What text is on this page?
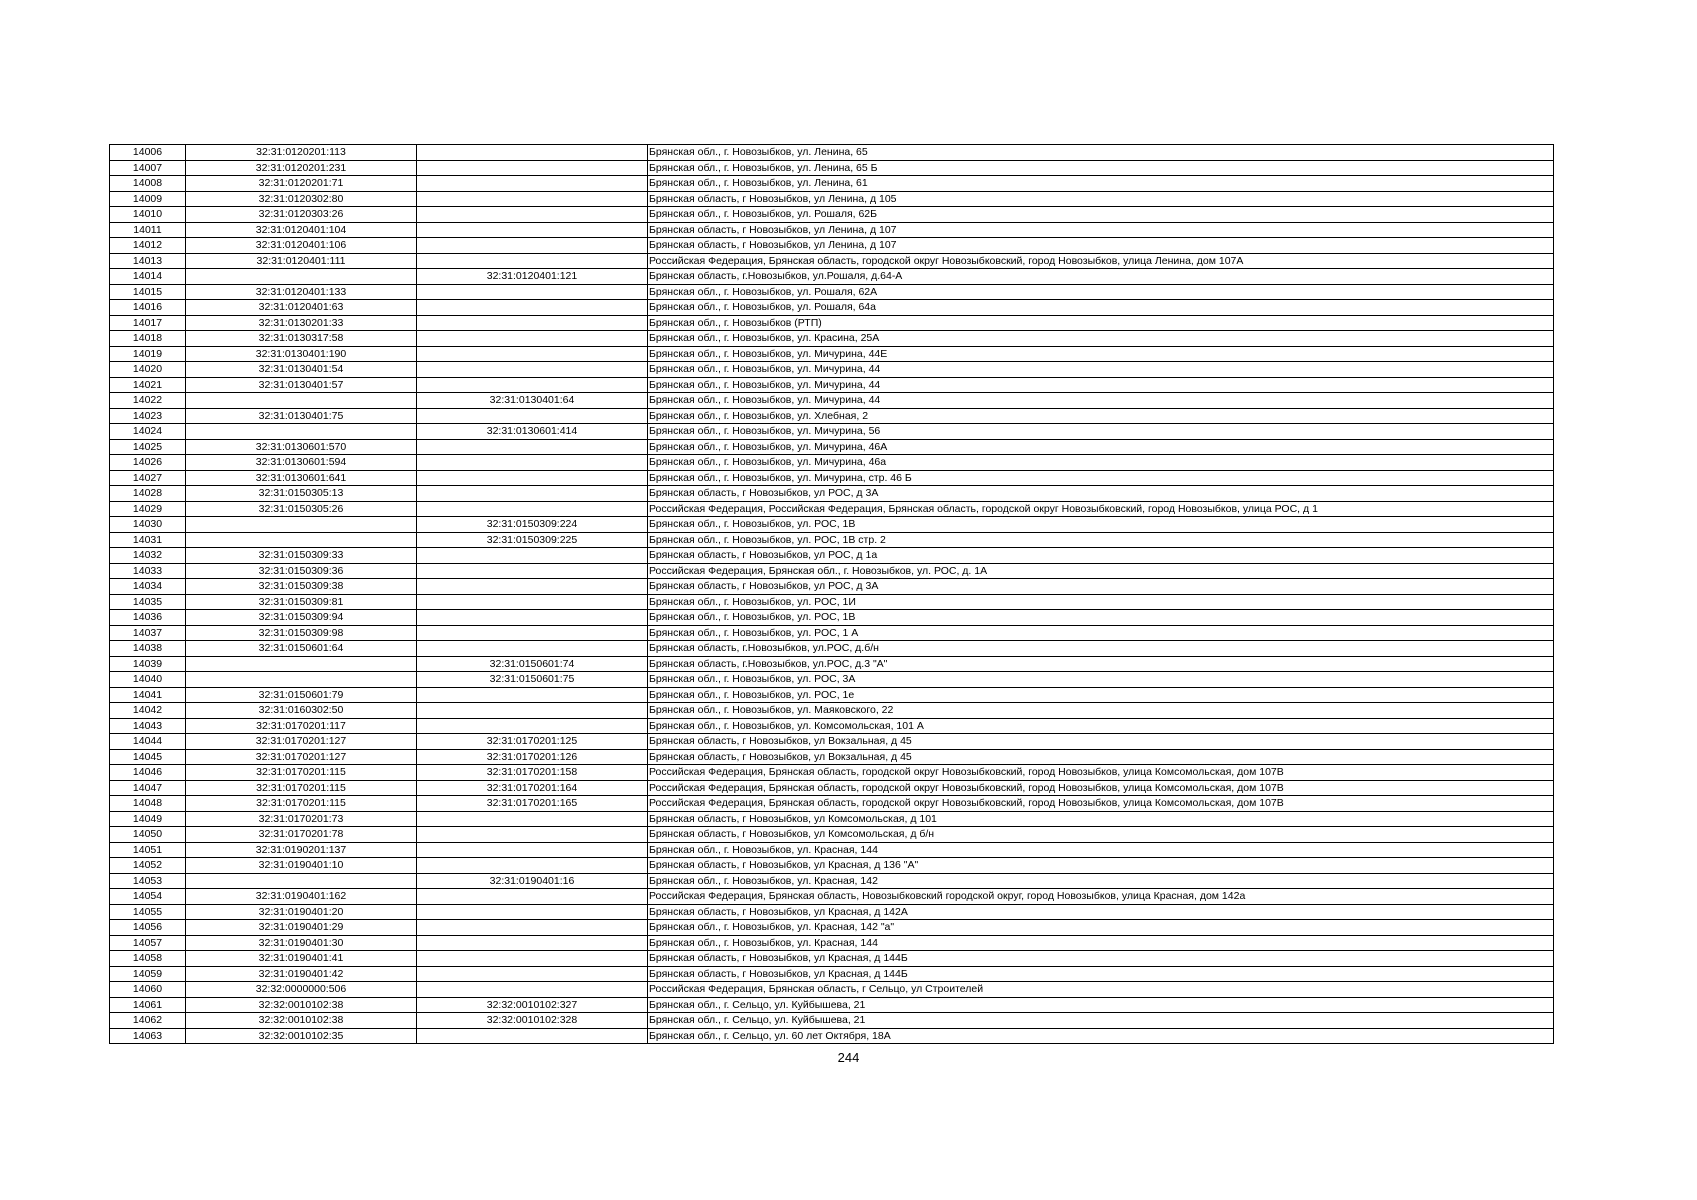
14006	32:31:0120201:113		Брянская обл., г. Новозыбков, ул. Ленина, 65
14007	32:31:0120201:231		Брянская обл., г. Новозыбков, ул. Ленина, 65 Б
14008	32:31:0120201:71		Брянская обл., г. Новозыбков, ул. Ленина, 61
14009	32:31:0120302:80		Брянская область, г Новозыбков, ул Ленина, д 105
14010	32:31:0120303:26		Брянская обл., г. Новозыбков, ул. Рошаля, 62Б
14011	32:31:0120401:104		Брянская область, г Новозыбков, ул Ленина, д 107
14012	32:31:0120401:106		Брянская область, г Новозыбков, ул Ленина, д 107
14013	32:31:0120401:111		Российская Федерация, Брянская область, городской округ Новозыбковский, город Новозыбков, улица Ленина, дом 107А
14014		32:31:0120401:121	Брянская область, г.Новозыбков, ул.Рошаля, д.64-А
14015	32:31:0120401:133		Брянская обл., г. Новозыбков, ул. Рошаля, 62А
14016	32:31:0120401:63		Брянская обл., г. Новозыбков, ул. Рошаля, 64а
14017	32:31:0130201:33		Брянская обл., г. Новозыбков (РТП)
14018	32:31:0130317:58		Брянская обл., г. Новозыбков, ул. Красина, 25А
14019	32:31:0130401:190		Брянская обл., г. Новозыбков, ул. Мичурина, 44Е
14020	32:31:0130401:54		Брянская обл., г. Новозыбков, ул. Мичурина, 44
14021	32:31:0130401:57		Брянская обл., г. Новозыбков, ул. Мичурина, 44
14022		32:31:0130401:64	Брянская обл., г. Новозыбков, ул. Мичурина, 44
14023	32:31:0130401:75		Брянская обл., г. Новозыбков, ул. Хлебная, 2
14024		32:31:0130601:414	Брянская обл., г. Новозыбков, ул. Мичурина, 56
14025	32:31:0130601:570		Брянская обл., г. Новозыбков, ул. Мичурина, 46А
14026	32:31:0130601:594		Брянская обл., г. Новозыбков, ул. Мичурина, 46а
14027	32:31:0130601:641		Брянская обл., г. Новозыбков, ул. Мичурина, стр. 46 Б
14028	32:31:0150305:13		Брянская область, г Новозыбков, ул РОС, д 3А
14029	32:31:0150305:26		Российская Федерация, Российская Федерация, Брянская область, городской округ Новозыбковский, город Новозыбков, улица РОС, д 1
14030		32:31:0150309:224	Брянская обл., г. Новозыбков, ул. РОС, 1В
14031		32:31:0150309:225	Брянская обл., г. Новозыбков, ул. РОС, 1В стр. 2
14032	32:31:0150309:33		Брянская область, г Новозыбков, ул РОС, д 1а
14033	32:31:0150309:36		Российская Федерация, Брянская обл., г. Новозыбков, ул. РОС, д. 1А
14034	32:31:0150309:38		Брянская область, г Новозыбков, ул РОС, д 3А
14035	32:31:0150309:81		Брянская обл., г. Новозыбков, ул. РОС, 1И
14036	32:31:0150309:94		Брянская обл., г. Новозыбков, ул. РОС, 1В
14037	32:31:0150309:98		Брянская обл., г. Новозыбков, ул. РОС, 1 А
14038	32:31:0150601:64		Брянская область, г.Новозыбков, ул.РОС, д.б/н
14039		32:31:0150601:74	Брянская область, г.Новозыбков, ул.РОС, д.3 "А"
14040		32:31:0150601:75	Брянская обл., г. Новозыбков, ул. РОС, 3А
14041	32:31:0150601:79		Брянская обл., г. Новозыбков, ул. РОС, 1е
14042	32:31:0160302:50		Брянская обл., г. Новозыбков, ул. Маяковского, 22
14043	32:31:0170201:117		Брянская обл., г. Новозыбков, ул. Комсомольская, 101 А
14044	32:31:0170201:127	32:31:0170201:125	Брянская область, г Новозыбков, ул Вокзальная, д 45
14045	32:31:0170201:127	32:31:0170201:126	Брянская область, г Новозыбков, ул Вокзальная, д 45
14046	32:31:0170201:115	32:31:0170201:158	Российская Федерация, Брянская область, городской округ Новозыбковский, город Новозыбков, улица Комсомольская, дом 107В
14047	32:31:0170201:115	32:31:0170201:164	Российская Федерация, Брянская область, городской округ Новозыбковский, город Новозыбков, улица Комсомольская, дом 107В
14048	32:31:0170201:115	32:31:0170201:165	Российская Федерация, Брянская область, городской округ Новозыбковский, город Новозыбков, улица Комсомольская, дом 107В
14049	32:31:0170201:73		Брянская область, г Новозыбков, ул Комсомольская, д 101
14050	32:31:0170201:78		Брянская область, г Новозыбков, ул Комсомольская, д б/н
14051	32:31:0190201:137		Брянская обл., г. Новозыбков, ул. Красная, 144
14052	32:31:0190401:10		Брянская область, г Новозыбков, ул Красная, д 136 "А"
14053		32:31:0190401:16	Брянская обл., г. Новозыбков, ул. Красная, 142
14054	32:31:0190401:162		Российская Федерация, Брянская область, Новозыбковский городской округ, город Новозыбков, улица Красная, дом 142а
14055	32:31:0190401:20		Брянская область, г Новозыбков, ул Красная, д 142А
14056	32:31:0190401:29		Брянская обл., г. Новозыбков, ул. Красная, 142 "а"
14057	32:31:0190401:30		Брянская обл., г. Новозыбков, ул. Красная, 144
14058	32:31:0190401:41		Брянская область, г Новозыбков, ул Красная, д 144Б
14059	32:31:0190401:42		Брянская область, г Новозыбков, ул Красная, д 144Б
14060	32:32:0000000:506		Российская Федерация, Брянская область, г Сельцо, ул Строителей
14061	32:32:0010102:38	32:32:0010102:327	Брянская обл., г. Сельцо, ул. Куйбышева, 21
14062	32:32:0010102:38	32:32:0010102:328	Брянская обл., г. Сельцо, ул. Куйбышева, 21
14063	32:32:0010102:35		Брянская обл., г. Сельцо, ул. 60 лет Октября, 18А
244
